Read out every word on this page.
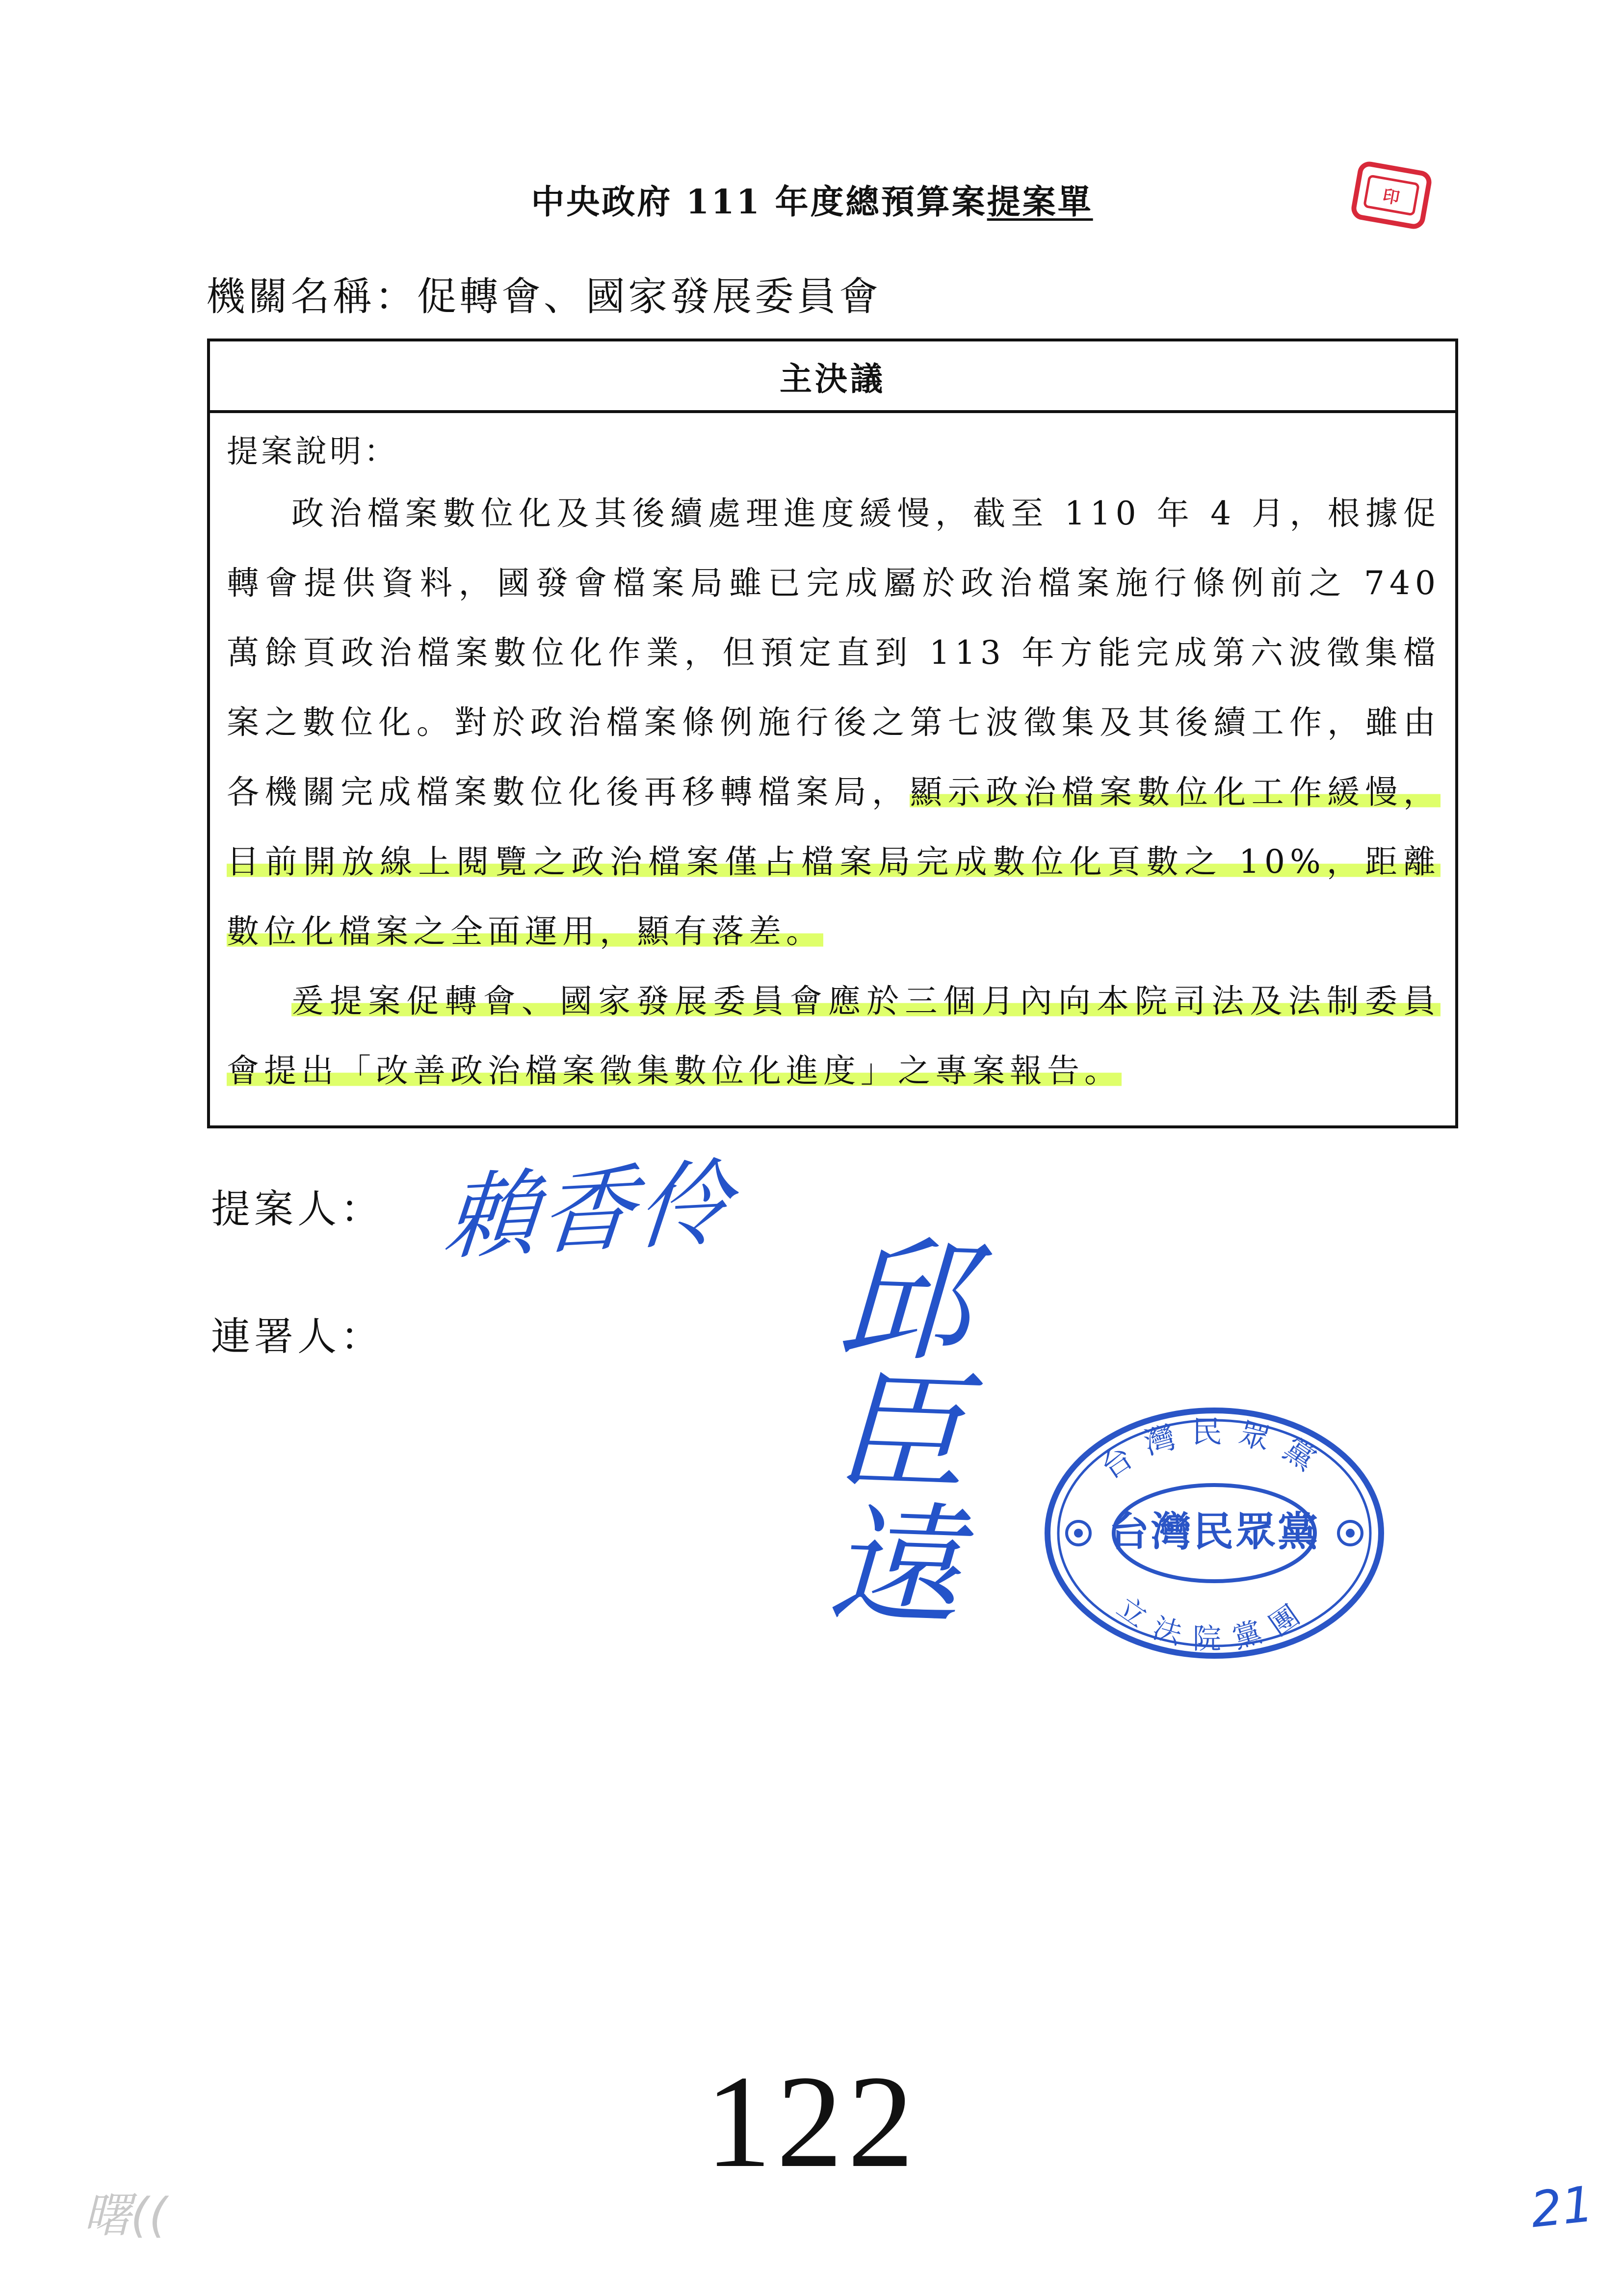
中央政府 111 年度總預算案提案單	印
機關名稱：促轉會、國家發展委員會
主決議
提案說明：

政治檔案數位化及其後續處理進度緩慢，截至 110 年 4 月，根據促轉會提供資料，國發會檔案局雖已完成屬於政治檔案施行條例前之 740 萬餘頁政治檔案數位化作業，但預定直到 113 年方能完成第六波徵集檔案之數位化。對於政治檔案條例施行後之第七波徵集及其後續工作，雖由各機關完成檔案數位化後再移轉檔案局，顯示政治檔案數位化工作緩慢，目前開放線上閱覽之政治檔案僅占檔案局完成數位化頁數之 10%，距離數位化檔案之全面運用，顯有落差。

爰提案促轉會、國家發展委員會應於三個月內向本院司法及法制委員會提出「改善政治檔案徵集數位化進度」之專案報告。

提案人：
連署人：
賴香伶
邱臣遠	台灣民眾黨
立法院黨團
台灣民眾黨
122
21
曙((
